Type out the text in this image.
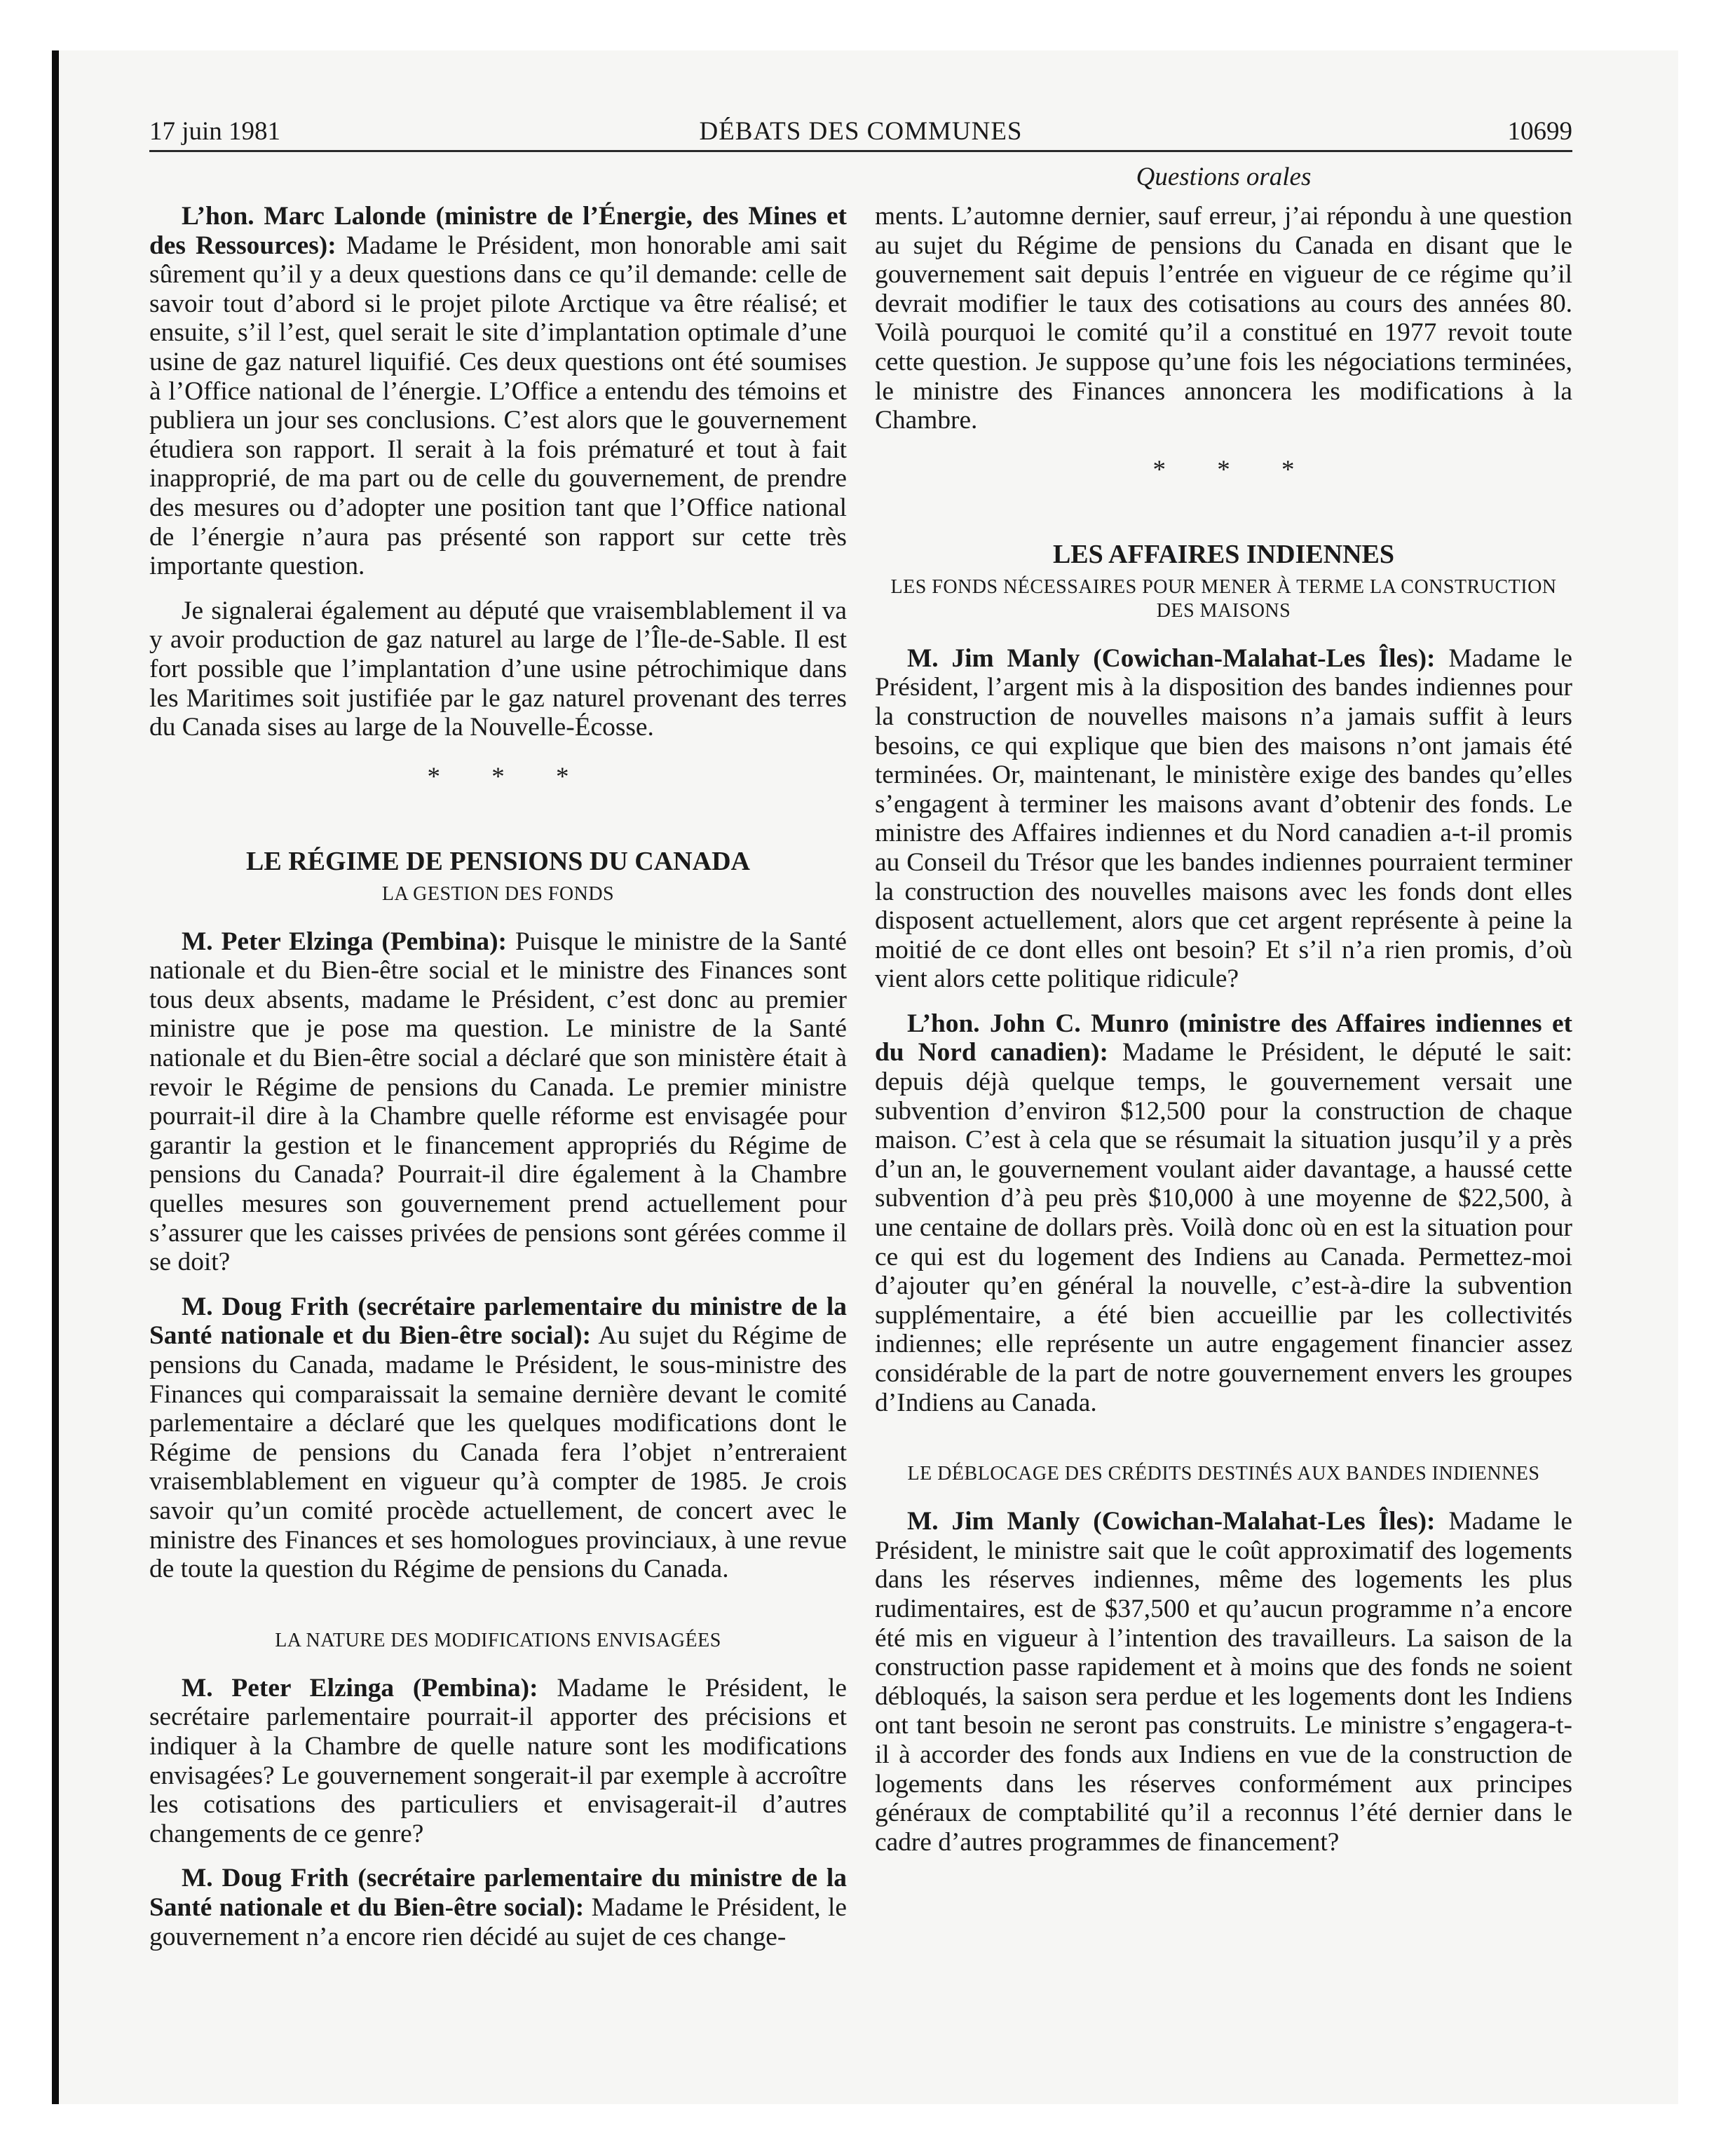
17 juin 1981	DÉBATS DES COMMUNES	10699
Questions orales

L’hon. Marc Lalonde (ministre de l’Énergie, des Mines et des Ressources): Madame le Président, mon honorable ami sait sûrement qu’il y a deux questions dans ce qu’il demande: celle de savoir tout d’abord si le projet pilote Arctique va être réalisé; et ensuite, s’il l’est, quel serait le site d’implantation optimale d’une usine de gaz naturel liquifié. Ces deux questions ont été soumises à l’Office national de l’énergie. L’Office a entendu des témoins et publiera un jour ses conclusions. C’est alors que le gouvernement étudiera son rapport. Il serait à la fois prématuré et tout à fait inapproprié, de ma part ou de celle du gouvernement, de prendre des mesures ou d’adopter une position tant que l’Office national de l’énergie n’aura pas présenté son rapport sur cette très importante question.

Je signalerai également au député que vraisemblablement il va y avoir production de gaz naturel au large de l’Île-de-Sable. Il est fort possible que l’implantation d’une usine pétrochimique dans les Maritimes soit justifiée par le gaz naturel provenant des terres du Canada sises au large de la Nouvelle-Écosse.

* * *
LE RÉGIME DE PENSIONS DU CANADA
LA GESTION DES FONDS

M. Peter Elzinga (Pembina): Puisque le ministre de la Santé nationale et du Bien-être social et le ministre des Finances sont tous deux absents, madame le Président, c’est donc au premier ministre que je pose ma question. Le ministre de la Santé nationale et du Bien-être social a déclaré que son ministère était à revoir le Régime de pensions du Canada. Le premier ministre pourrait-il dire à la Chambre quelle réforme est envisagée pour garantir la gestion et le financement appropriés du Régime de pensions du Canada? Pourrait-il dire également à la Chambre quelles mesures son gouvernement prend actuellement pour s’assurer que les caisses privées de pensions sont gérées comme il se doit?

M. Doug Frith (secrétaire parlementaire du ministre de la Santé nationale et du Bien-être social): Au sujet du Régime de pensions du Canada, madame le Président, le sous-ministre des Finances qui comparaissait la semaine dernière devant le comité parlementaire a déclaré que les quelques modifications dont le Régime de pensions du Canada fera l’objet n’entreraient vraisemblablement en vigueur qu’à compter de 1985. Je crois savoir qu’un comité procède actuellement, de concert avec le ministre des Finances et ses homologues provinciaux, à une revue de toute la question du Régime de pensions du Canada.

LA NATURE DES MODIFICATIONS ENVISAGÉES

M. Peter Elzinga (Pembina): Madame le Président, le secrétaire parlementaire pourrait-il apporter des précisions et indiquer à la Chambre de quelle nature sont les modifications envisagées? Le gouvernement songerait-il par exemple à accroître les cotisations des particuliers et envisagerait-il d’autres changements de ce genre?

M. Doug Frith (secrétaire parlementaire du ministre de la Santé nationale et du Bien-être social): Madame le Président, le gouvernement n’a encore rien décidé au sujet de ces change-

ments. L’automne dernier, sauf erreur, j’ai répondu à une question au sujet du Régime de pensions du Canada en disant que le gouvernement sait depuis l’entrée en vigueur de ce régime qu’il devrait modifier le taux des cotisations au cours des années 80. Voilà pourquoi le comité qu’il a constitué en 1977 revoit toute cette question. Je suppose qu’une fois les négociations terminées, le ministre des Finances annoncera les modifications à la Chambre.

* * *
LES AFFAIRES INDIENNES
LES FONDS NÉCESSAIRES POUR MENER À TERME LA CONSTRUCTION DES MAISONS

M. Jim Manly (Cowichan-Malahat-Les Îles): Madame le Président, l’argent mis à la disposition des bandes indiennes pour la construction de nouvelles maisons n’a jamais suffit à leurs besoins, ce qui explique que bien des maisons n’ont jamais été terminées. Or, maintenant, le ministère exige des bandes qu’elles s’engagent à terminer les maisons avant d’obtenir des fonds. Le ministre des Affaires indiennes et du Nord canadien a-t-il promis au Conseil du Trésor que les bandes indiennes pourraient terminer la construction des nouvelles maisons avec les fonds dont elles disposent actuellement, alors que cet argent représente à peine la moitié de ce dont elles ont besoin? Et s’il n’a rien promis, d’où vient alors cette politique ridicule?

L’hon. John C. Munro (ministre des Affaires indiennes et du Nord canadien): Madame le Président, le député le sait: depuis déjà quelque temps, le gouvernement versait une subvention d’environ $12,500 pour la construction de chaque maison. C’est à cela que se résumait la situation jusqu’il y a près d’un an, le gouvernement voulant aider davantage, a haussé cette subvention d’à peu près $10,000 à une moyenne de $22,500, à une centaine de dollars près. Voilà donc où en est la situation pour ce qui est du logement des Indiens au Canada. Permettez-moi d’ajouter qu’en général la nouvelle, c’est-à-dire la subvention supplémentaire, a été bien accueillie par les collectivités indiennes; elle représente un autre engagement financier assez considérable de la part de notre gouvernement envers les groupes d’Indiens au Canada.

LE DÉBLOCAGE DES CRÉDITS DESTINÉS AUX BANDES INDIENNES

M. Jim Manly (Cowichan-Malahat-Les Îles): Madame le Président, le ministre sait que le coût approximatif des logements dans les réserves indiennes, même des logements les plus rudimentaires, est de $37,500 et qu’aucun programme n’a encore été mis en vigueur à l’intention des travailleurs. La saison de la construction passe rapidement et à moins que des fonds ne soient débloqués, la saison sera perdue et les logements dont les Indiens ont tant besoin ne seront pas construits. Le ministre s’engagera-t-il à accorder des fonds aux Indiens en vue de la construction de logements dans les réserves conformément aux principes généraux de comptabilité qu’il a reconnus l’été dernier dans le cadre d’autres programmes de financement?
